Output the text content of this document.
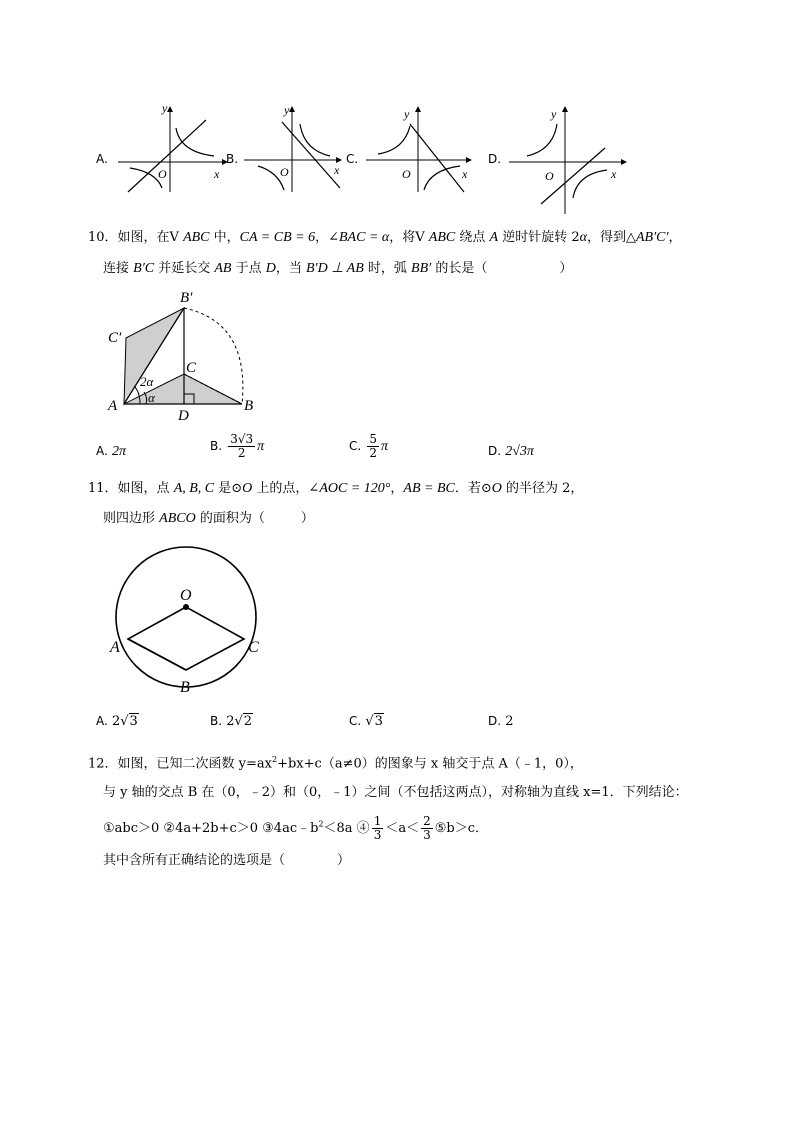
A.
y
x
O
B.
y
x
O
C.
y
x
O
D.
y
x
O
10．如图，在V ABC 中，CA = CB = 6，∠BAC = α，将V ABC 绕点 A 逆时针旋转 2α，得到△AB′C′，
连接 B′C 并延长交 AB 于点 D，当 B′D ⊥ AB 时，弧 BB′ 的长是（	）
B′
C′
C
A	B
D
2α
α
A. 2π	B. $\frac{3√3}{2}$ π	C. $\frac{5}{2}$ π	D. 2√3π
11．如图，点 A, B, C 是⊙O 上的点，∠AOC = 120°，AB = BC．若⊙O 的半径为 2，
则四边形 ABCO 的面积为（	）
O
A
B
C
A. 2√3	B. 2√2	C. √3	D. 2
12．如图，已知二次函数 $y=ax^2+bx+c(a\ne 0)$的图象与 x 轴交于点 A（﹣1，0），
与 y 轴的交点 B 在（0，﹣2）和（0，﹣1）之间（不包括这两点），对称轴为直线 x=1．下列结论：
①abc＞0 ②4a+2b+c＞0 $③4ac﹣b^2<8a$ ④ $\frac{1}{3} <a< \frac{2}{3}$ ⑤b＞c．
其中含所有正确结论的选项是（　　　　）
